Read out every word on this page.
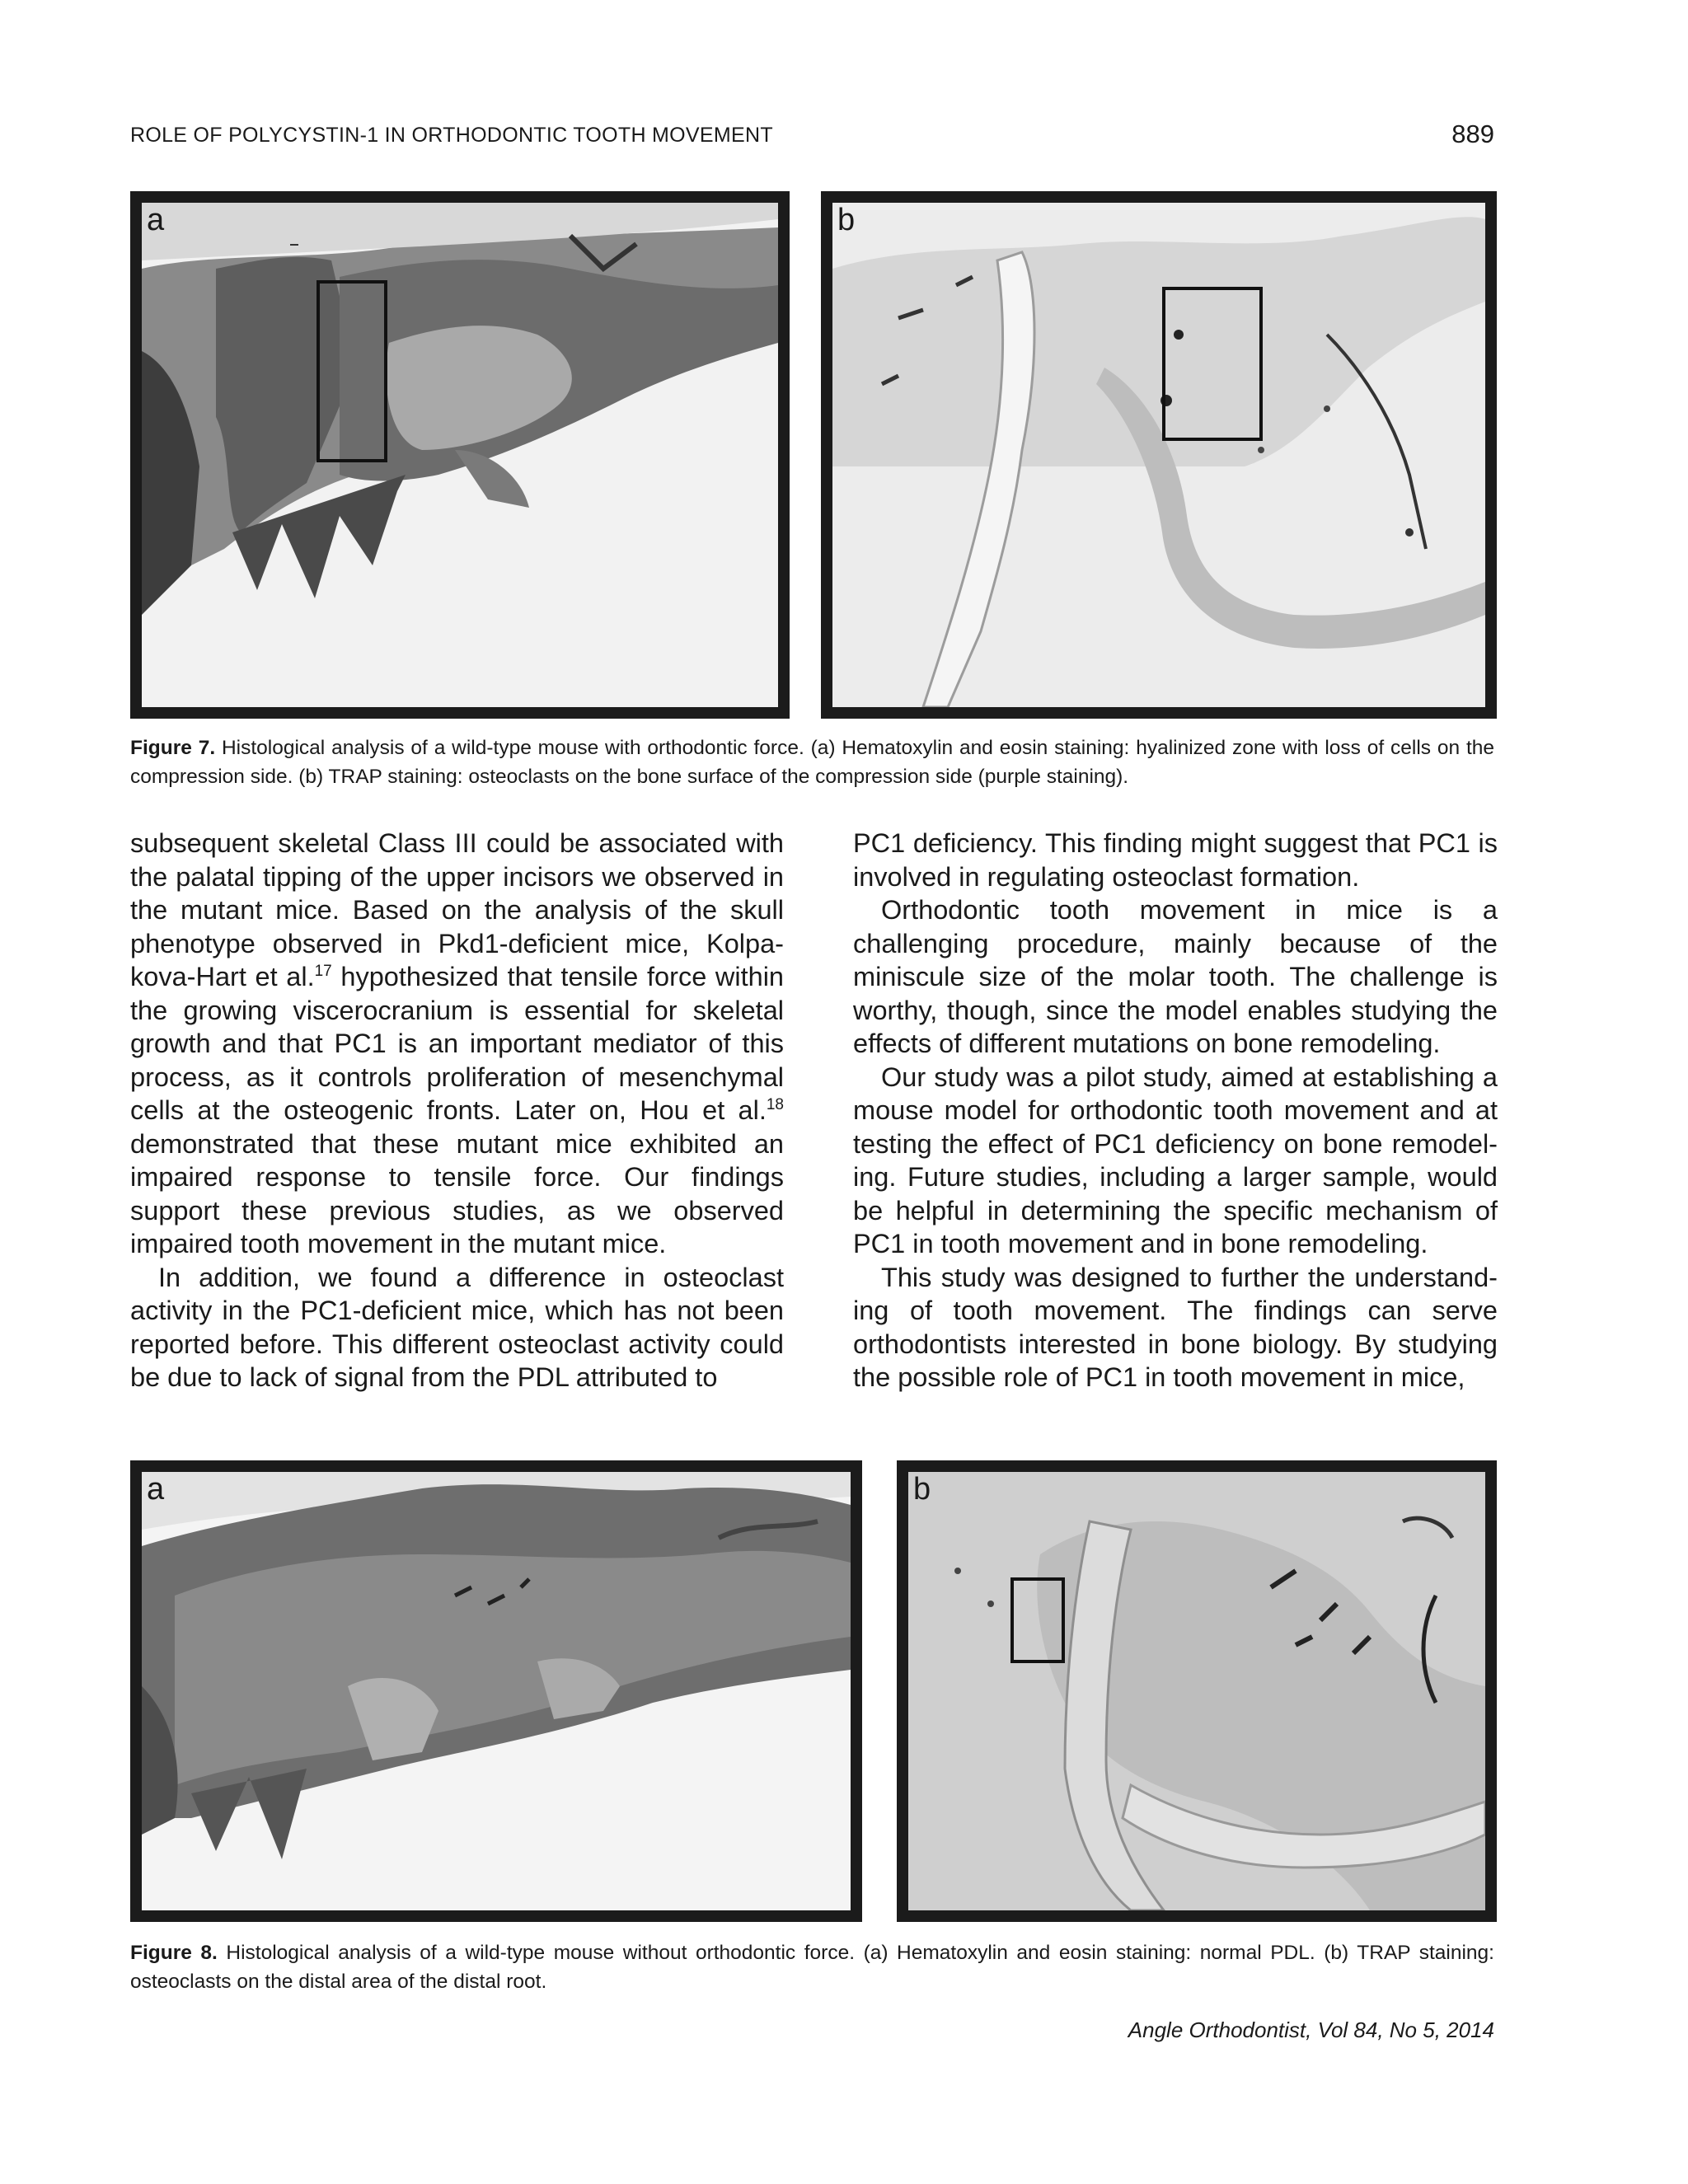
ROLE OF POLYCYSTIN-1 IN ORTHODONTIC TOOTH MOVEMENT	889
a	b
Figure 7. Histological analysis of a wild-type mouse with orthodontic force. (a) Hematoxylin and eosin staining: hyalinized zone with loss of cells on the compression side. (b) TRAP staining: osteoclasts on the bone surface of the compression side (purple staining).

subsequent skeletal Class III could be associated with the palatal tipping of the upper incisors we observed in the mutant mice. Based on the analysis of the skull phenotype observed in Pkd1-deficient mice, Kolpa-kova-Hart et al.$^{17}$ hypothesized that tensile force within the growing viscerocranium is essential for skeletal growth and that PC1 is an important mediator of this process, as it controls proliferation of mesenchymal cells at the osteogenic fronts. Later on, Hou et al.$^{18}$ demonstrated that these mutant mice exhibited an impaired response to tensile force. Our findings support these previous studies, as we observed impaired tooth movement in the mutant mice.

In addition, we found a difference in osteoclast activity in the PC1-deficient mice, which has not been reported before. This different osteoclast activity could be due to lack of signal from the PDL attributed to

PC1 deficiency. This finding might suggest that PC1 is involved in regulating osteoclast formation.

Orthodontic tooth movement in mice is a challenging procedure, mainly because of the miniscule size of the molar tooth. The challenge is worthy, though, since the model enables studying the effects of different mutations on bone remodeling.

Our study was a pilot study, aimed at establishing a mouse model for orthodontic tooth movement and at testing the effect of PC1 deficiency on bone remodel-ing. Future studies, including a larger sample, would be helpful in determining the specific mechanism of PC1 in tooth movement and in bone remodeling.

This study was designed to further the understand-ing of tooth movement. The findings can serve orthodontists interested in bone biology. By studying the possible role of PC1 in tooth movement in mice,

a	b
Figure 8. Histological analysis of a wild-type mouse without orthodontic force. (a) Hematoxylin and eosin staining: normal PDL. (b) TRAP staining: osteoclasts on the distal area of the distal root.
Angle Orthodontist, Vol 84, No 5, 2014
